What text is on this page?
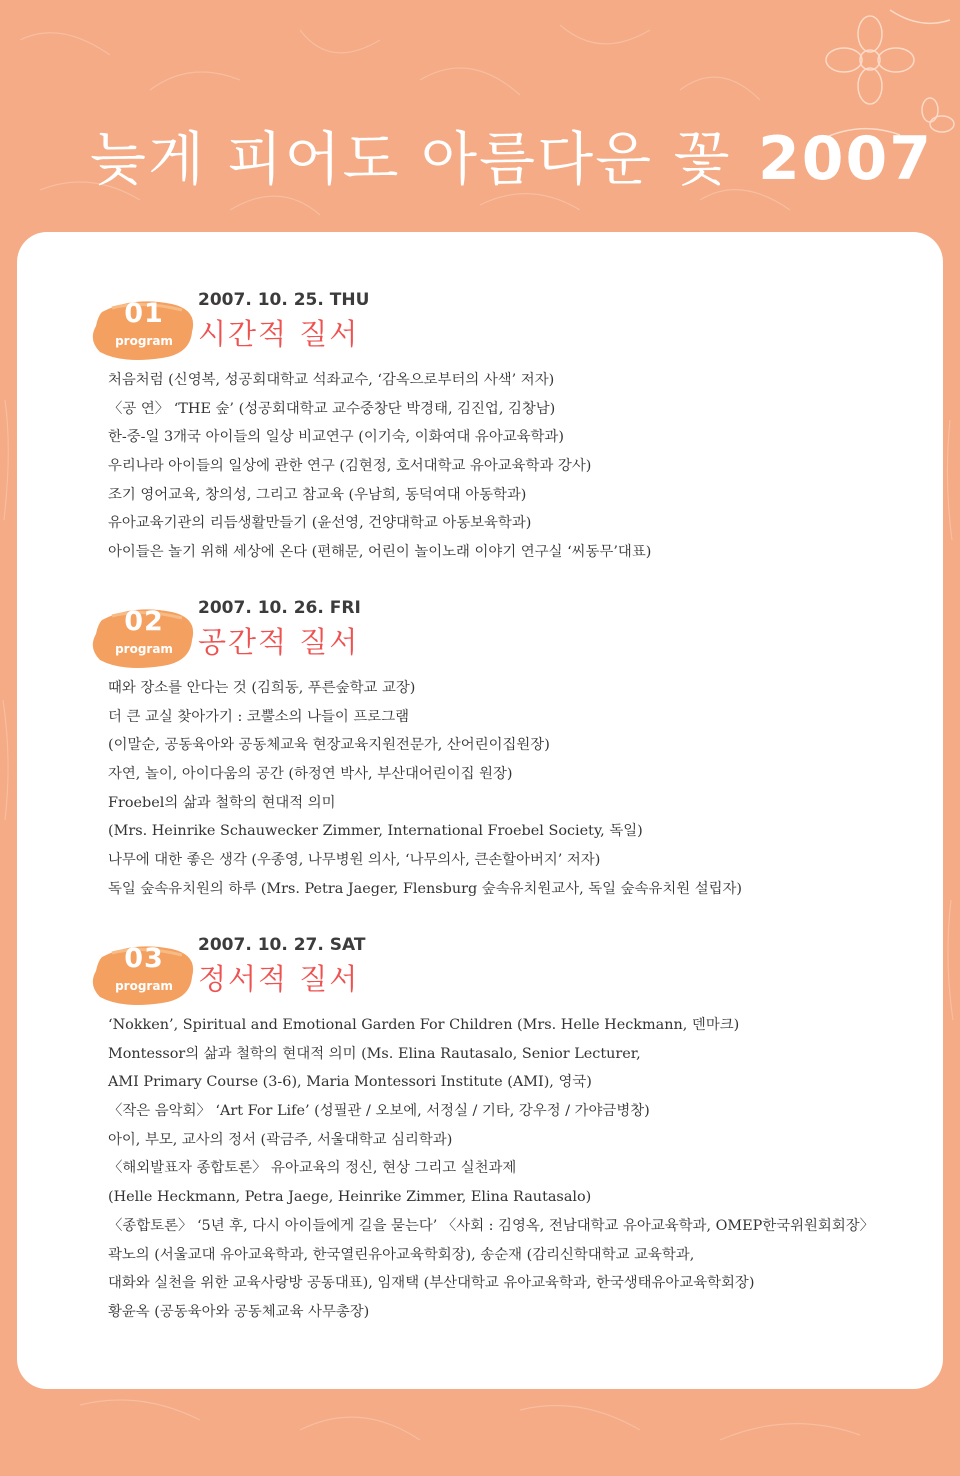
늦게 피어도 아름다운 꽃 2007
01
program
2007. 10. 25. THU
시간적 질서
처음처럼 (신영복, 성공회대학교 석좌교수, ‘감옥으로부터의 사색’ 저자)
〈공 연〉 ‘THE 숲’ (성공회대학교 교수중창단 박경태, 김진업, 김창남)
한-중-일 3개국 아이들의 일상 비교연구 (이기숙, 이화여대 유아교육학과)
우리나라 아이들의 일상에 관한 연구 (김현정, 호서대학교 유아교육학과 강사)
조기 영어교육, 창의성, 그리고 참교육 (우남희, 동덕여대 아동학과)
유아교육기관의 리듬생활만들기 (윤선영, 건양대학교 아동보육학과)
아이들은 놀기 위해 세상에 온다 (편해문, 어린이 놀이노래 이야기 연구실 ‘씨동무’대표)
02
program
2007. 10. 26. FRI
공간적 질서
때와 장소를 안다는 것 (김희동, 푸른숲학교 교장)
더 큰 교실 찾아가기 : 코뿔소의 나들이 프로그램
(이말순, 공동육아와 공동체교육 현장교육지원전문가, 산어린이집원장)
자연, 놀이, 아이다움의 공간 (하정연 박사, 부산대어린이집 원장)
Froebel의 삶과 철학의 현대적 의미
(Mrs. Heinrike Schauwecker Zimmer, International Froebel Society, 독일)
나무에 대한 좋은 생각 (우종영, 나무병원 의사, ‘나무의사, 큰손할아버지’ 저자)
독일 숲속유치원의 하루 (Mrs. Petra Jaeger, Flensburg 숲속유치원교사, 독일 숲속유치원 설립자)
03
program
2007. 10. 27. SAT
정서적 질서
‘Nokken’, Spiritual and Emotional Garden For Children (Mrs. Helle Heckmann, 덴마크)
Montessor의 삶과 철학의 현대적 의미 (Ms. Elina Rautasalo, Senior Lecturer,
AMI Primary Course (3-6), Maria Montessori Institute (AMI), 영국)
〈작은 음악회〉 ‘Art For Life’ (성필관 / 오보에, 서정실 / 기타, 강우정 / 가야금병창)
아이, 부모, 교사의 정서 (곽금주, 서울대학교 심리학과)
〈해외발표자 종합토론〉 유아교육의 정신, 현상 그리고 실천과제
(Helle Heckmann, Petra Jaege, Heinrike Zimmer, Elina Rautasalo)
〈종합토론〉 ‘5년 후, 다시 아이들에게 길을 묻는다’ 〈사회 : 김영옥, 전남대학교 유아교육학과, OMEP한국위원회회장〉
곽노의 (서울교대 유아교육학과, 한국열린유아교육학회장), 송순재 (감리신학대학교 교육학과,
대화와 실천을 위한 교육사랑방 공동대표), 임재택 (부산대학교 유아교육학과, 한국생태유아교육학회장)
황윤옥 (공동육아와 공동체교육 사무총장)
